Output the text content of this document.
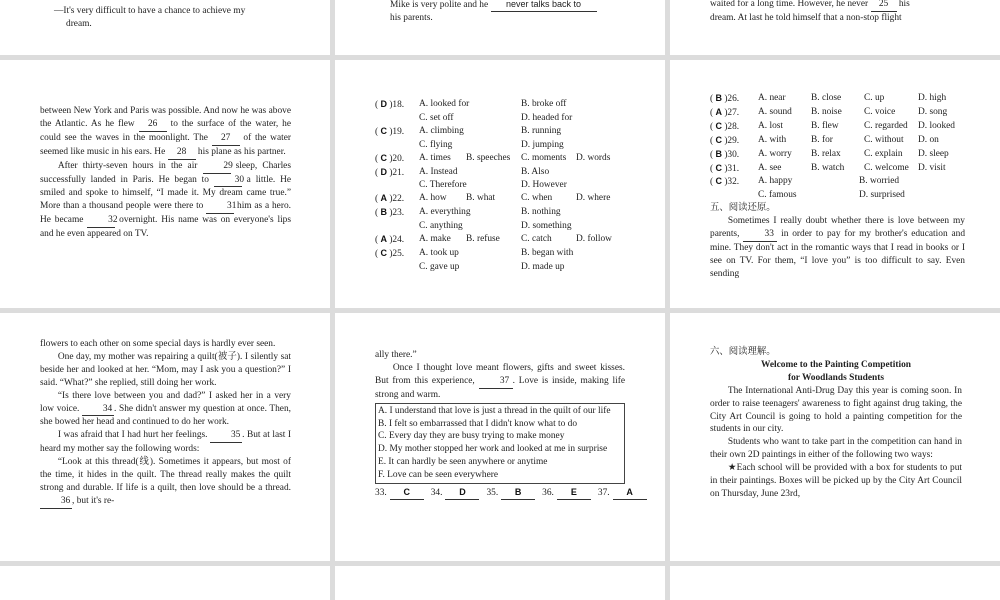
—It's very difficult to have a chance to achieve my
dream.
Mike is very polite and he never talks back to
his parents.
waited for a long time. However, he never 25 his
dream. At last he told himself that a non-stop flight

between New York and Paris was possible. And now he was above the Atlantic. As he flew 26 to the surface of the water, he could see the waves in the moonlight. The 27 of the water seemed like music in his ears. He 28 his plane as his partner.

After thirty-seven hours in the air	29 sleep, Charles successfully landed in Paris. He began to	30 a little. He smiled and spoke to himself, “I made it. My dream came true.” More than a thousand people were there to	31 him as a hero. He became	32 overnight. His name was on everyone's lips and he even appeared on TV.

( D )18.	A. looked for	B. broke off
C. set off	D. headed for
( C )19.	A. climbing	B. running
C. flying	D. jumping
( C )20.	A. times	B. speeches	C. moments	D. words
( D )21.	A. Instead	B. Also
C. Therefore	D. However
( A )22.	A. how	B. what	C. when	D. where
( B )23.	A. everything	B. nothing
C. anything	D. something
( A )24.	A. make	B. refuse	C. catch	D. follow
( C )25.	A. took up	B. began with
C. gave up	D. made up
( B )26.	A. near	B. close	C. up	D. high
( A )27.	A. sound	B. noise	C. voice	D. song
( C )28.	A. lost	B. flew	C. regarded	D. looked
( C )29.	A. with	B. for	C. without	D. on
( B )30.	A. worry	B. relax	C. explain	D. sleep
( C )31.	A. see	B. watch	C. welcome D. visit
( C )32.	A. happy	B. worried
C. famous	D. surprised
五、阅读还原。

Sometimes I really doubt whether there is love between my parents,	33 in order to pay for my brother's education and mine. They don't act in the romantic ways that I read in books or I see on TV. For them, “I love you” is too difficult to say. Even sending

flowers to each other on some special days is hardly ever seen.

One day, my mother was repairing a quilt(被子). I silently sat beside her and looked at her. “Mom, may I ask you a question?” I said. “What?” she replied, still doing her work.

“Is there love between you and dad?” I asked her in a very low voice.	34 . She didn't answer my question at once. Then, she bowed her head and continued to do her work.

I was afraid that I had hurt her feelings. 35 . But at last I heard my mother say the following words:

“Look at this thread(线). Sometimes it appears, but most of the time, it hides in the quilt. The thread really makes the quilt strong and durable. If life is a quilt, then love should be a thread. 36 , but it's re-

ally there.”

Once I thought love meant flowers, gifts and sweet kisses. But from this experience,	37 . Love is inside, making life strong and warm.

A. I understand that love is just a thread in the quilt of our life
B. I felt so embarrassed that I didn't know what to do
C. Every day they are busy trying to make money
D. My mother stopped her work and looked at me in surprise
E. It can hardly be seen anywhere or anytime
F. Love can be seen everywhere
33. C 34. D 35. B 36. E 37. A
六、阅读理解。

Welcome to the Painting Competition

for Woodlands Students

The International Anti-Drug Day this year is coming soon. In order to raise teenagers' awareness to fight against drug taking, the City Art Council is going to hold a painting competition for the students in our city.

Students who want to take part in the competition can hand in their own 2D paintings in either of the following two ways:

★Each school will be provided with a box for students to put in their paintings. Boxes will be picked up by the City Art Council on Thursday, June 23rd,
